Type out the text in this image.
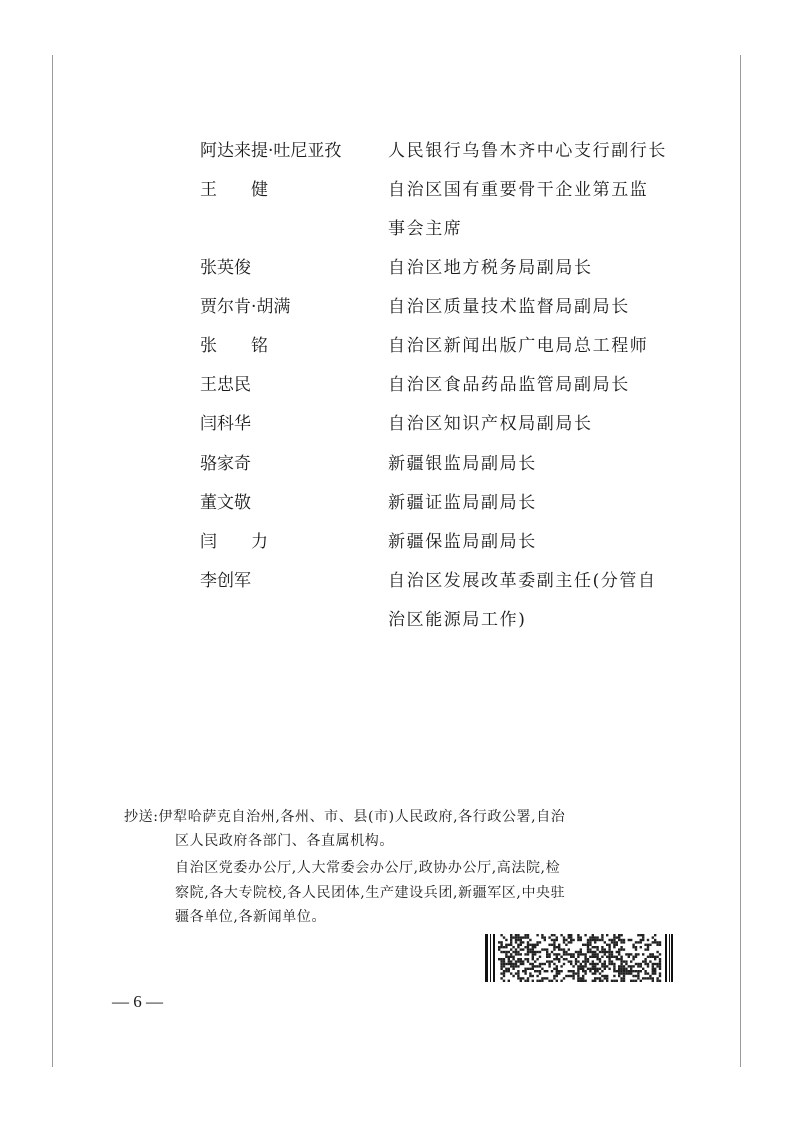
阿达来提·吐尼亚孜	人民银行乌鲁木齐中心支行副行长
王　　健	自治区国有重要骨干企业第五监
事会主席
张英俊	自治区地方税务局副局长
贾尔肯·胡满	自治区质量技术监督局副局长
张　　铭	自治区新闻出版广电局总工程师
王忠民	自治区食品药品监管局副局长
闫科华	自治区知识产权局副局长
骆家奇	新疆银监局副局长
董文敬	新疆证监局副局长
闫　　力	新疆保监局副局长
李创军	自治区发展改革委副主任(分管自
治区能源局工作)
抄送:伊犁哈萨克自治州,各州、市、县(市)人民政府,各行政公署,自治
区人民政府各部门、各直属机构。
自治区党委办公厅,人大常委会办公厅,政协办公厅,高法院,检
察院,各大专院校,各人民团体,生产建设兵团,新疆军区,中央驻
疆各单位,各新闻单位。
— 6 —
